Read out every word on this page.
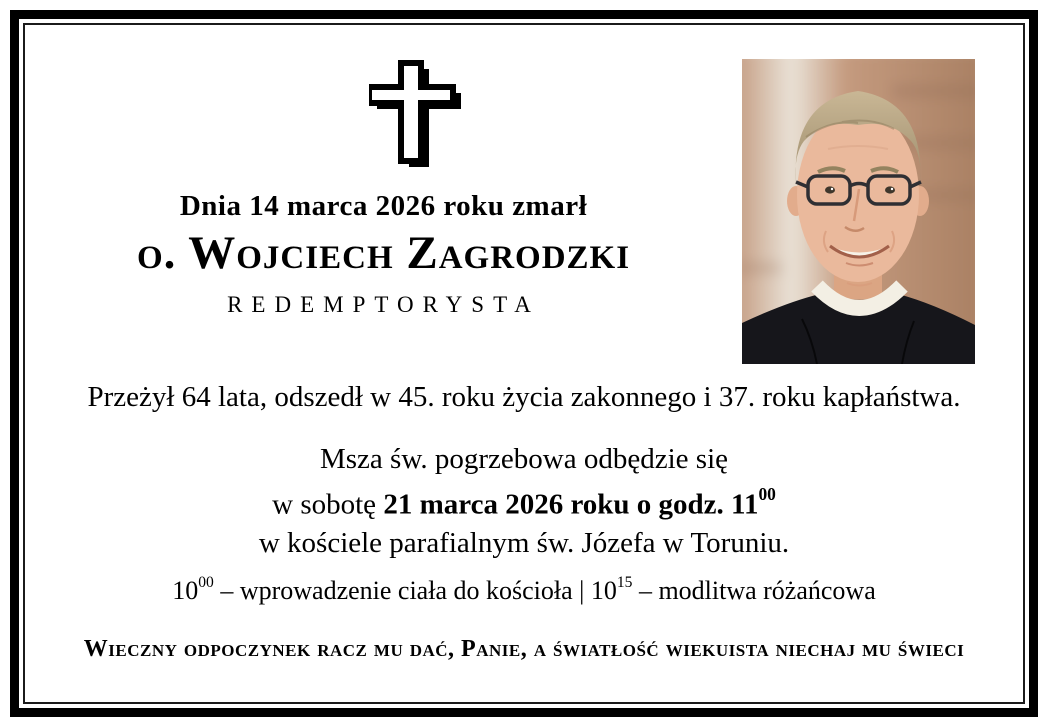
Dnia 14 marca 2026 roku zmarł
o. Wojciech Zagrodzki
REDEMPTORYSTA
Przeżył 64 lata, odszedł w 45. roku życia zakonnego i 37. roku kapłaństwa.
Msza św. pogrzebowa odbędzie się
w sobotę 21 marca 2026 roku o godz. $11^{00}$
w kościele parafialnym św. Józefa w Toruniu.
$10^{00}$ – wprowadzenie ciała do kościoła | $10^{15}$ – modlitwa różańcowa
Wieczny odpoczynek racz mu dać, Panie, a światłość wiekuista niechaj mu świeci
